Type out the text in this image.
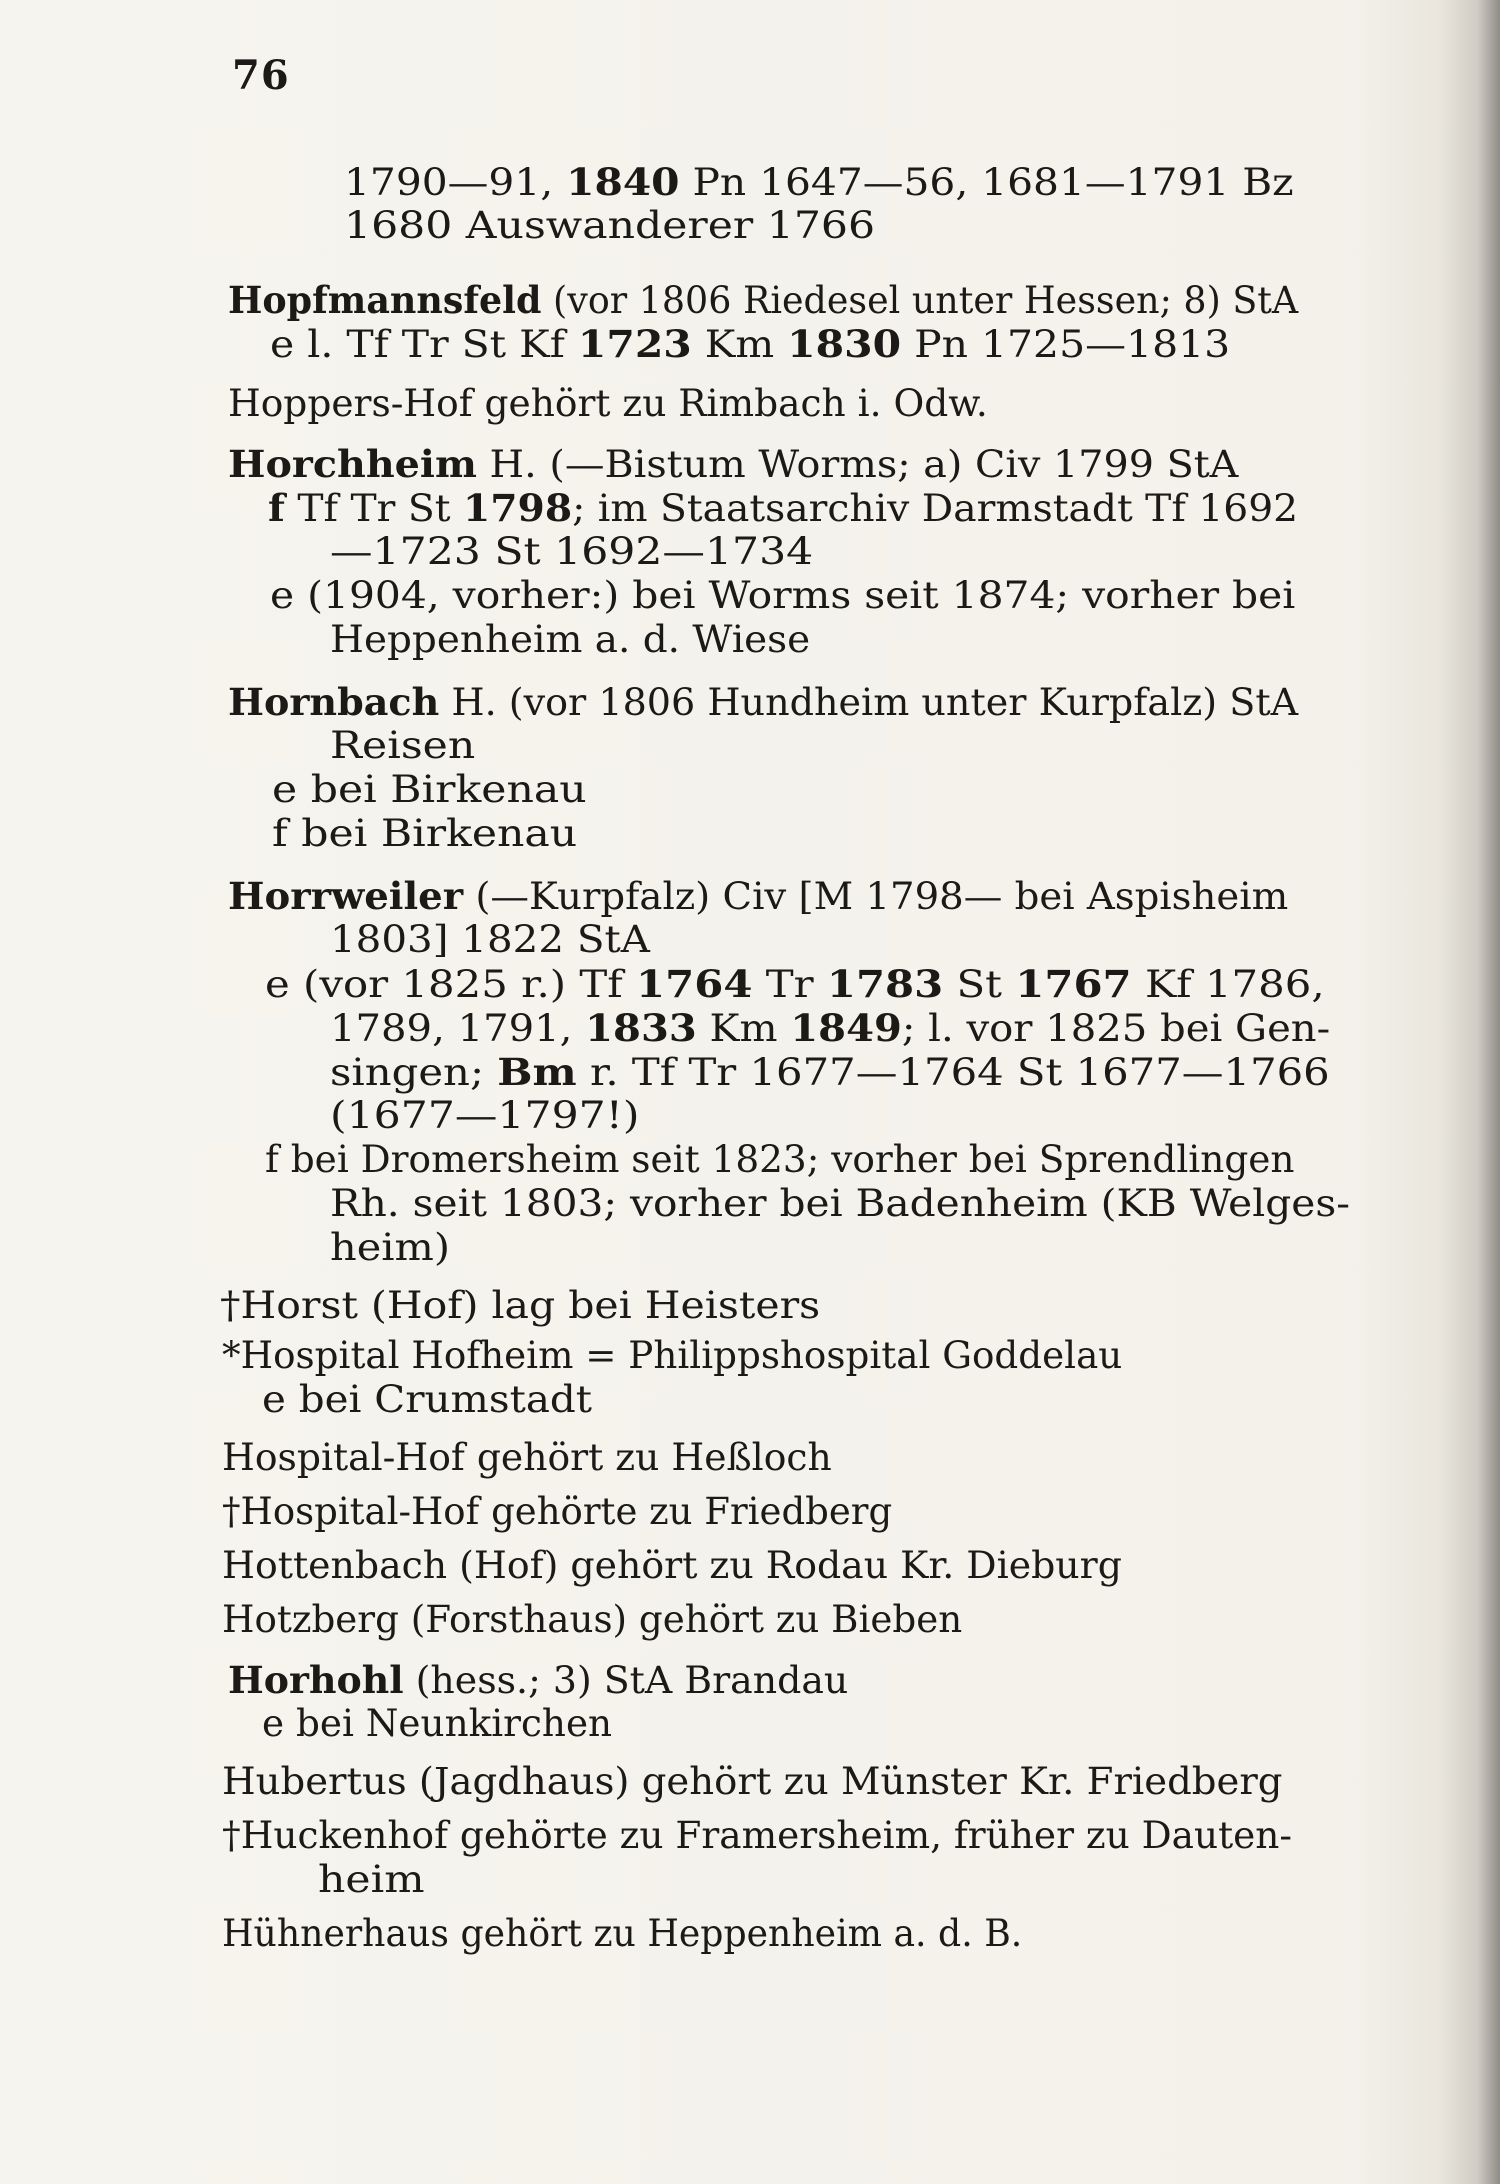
76
1790—91, 1840 Pn 1647—56, 1681—1791 Bz
1680 Auswanderer 1766
Hopfmannsfeld (vor 1806 Riedesel unter Hessen; 8) StA
e l. Tf Tr St Kf 1723 Km 1830 Pn 1725—1813
Hoppers-Hof gehört zu Rimbach i. Odw.
Horchheim H. (—Bistum Worms; a) Civ 1799 StA
f Tf Tr St 1798; im Staatsarchiv Darmstadt Tf 1692
—1723 St 1692—1734
e (1904, vorher:) bei Worms seit 1874; vorher bei
Heppenheim a. d. Wiese
Hornbach H. (vor 1806 Hundheim unter Kurpfalz) StA
Reisen
e bei Birkenau
f bei Birkenau
Horrweiler (—Kurpfalz) Civ [M 1798— bei Aspisheim
1803] 1822 StA
e (vor 1825 r.) Tf 1764 Tr 1783 St 1767 Kf 1786,
1789, 1791, 1833 Km 1849; l. vor 1825 bei Gen-
singen; Bm r. Tf Tr 1677—1764 St 1677—1766
(1677—1797!)
f bei Dromersheim seit 1823; vorher bei Sprendlingen
Rh. seit 1803; vorher bei Badenheim (KB Welges-
heim)
†Horst (Hof) lag bei Heisters
*Hospital Hofheim = Philippshospital Goddelau
e bei Crumstadt
Hospital-Hof gehört zu Heßloch
†Hospital-Hof gehörte zu Friedberg
Hottenbach (Hof) gehört zu Rodau Kr. Dieburg
Hotzberg (Forsthaus) gehört zu Bieben
Horhohl (hess.; 3) StA Brandau
e bei Neunkirchen
Hubertus (Jagdhaus) gehört zu Münster Kr. Friedberg
†Huckenhof gehörte zu Framersheim, früher zu Dauten-
heim
Hühnerhaus gehört zu Heppenheim a. d. B.
